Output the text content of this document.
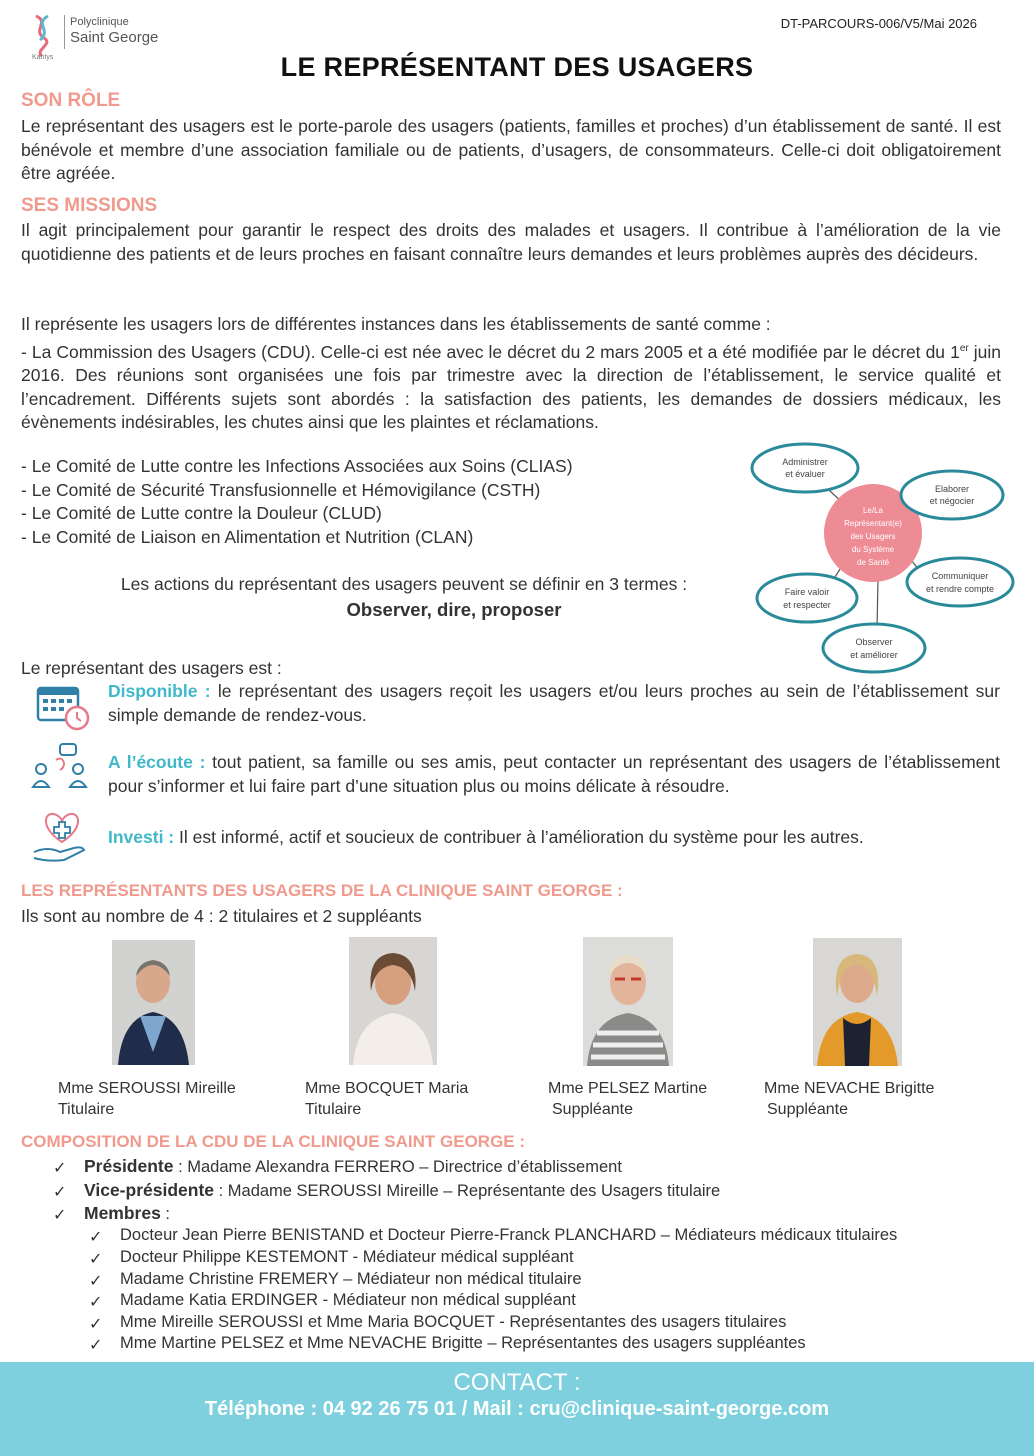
Kantys
Polyclinique
Saint George
DT-PARCOURS-006/V5/Mai 2026
LE REPRÉSENTANT DES USAGERS
SON RÔLE
Le représentant des usagers est le porte-parole des usagers (patients, familles et proches) d’un établissement de santé. Il est bénévole et membre d’une association familiale ou de patients, d’usagers, de consommateurs. Celle-ci doit obligatoirement être agréée.
SES MISSIONS
Il agit principalement pour garantir le respect des droits des malades et usagers. Il contribue à l’amélioration de la vie quotidienne des patients et de leurs proches en faisant connaître leurs demandes et leurs problèmes auprès des décideurs.
Il représente les usagers lors de différentes instances dans les établissements de santé comme :
- La Commission des Usagers (CDU). Celle-ci est née avec le décret du 2 mars 2005 et a été modifiée par le décret du 1er juin 2016. Des réunions sont organisées une fois par trimestre avec la direction de l’établissement, le service qualité et l’encadrement. Différents sujets sont abordés : la satisfaction des patients, les demandes de dossiers médicaux, les évènements indésirables, les chutes ainsi que les plaintes et réclamations.
- Le Comité de Lutte contre les Infections Associées aux Soins (CLIAS)
- Le Comité de Sécurité Transfusionnelle et Hémovigilance (CSTH)
- Le Comité de Lutte contre la Douleur (CLUD)
- Le Comité de Liaison en Alimentation et Nutrition (CLAN)
Les actions du représentant des usagers peuvent se définir en 3 termes :
Observer, dire, proposer
Le/La
Représentant(e)
des Usagers
du Système
de Santé
Administrer
et évaluer
Elaborer
et négocier
Communiquer
et rendre compte
Observer
et améliorer
Faire valoir
et respecter
Le représentant des usagers est :
Disponible : le représentant des usagers reçoit les usagers et/ou leurs proches au sein de l’établissement sur simple demande de rendez-vous.
A l’écoute : tout patient, sa famille ou ses amis, peut contacter un représentant des usagers de l’établissement pour s’informer et lui faire part d’une situation plus ou moins délicate à résoudre.
Investi : Il est informé, actif et soucieux de contribuer à l’amélioration du système pour les autres.
LES REPRÉSENTANTS DES USAGERS DE LA CLINIQUE SAINT GEORGE :
Ils sont au nombre de 4 : 2 titulaires et 2 suppléants
Mme SEROUSSI Mireille
Titulaire
Mme BOCQUET Maria
Titulaire
Mme PELSEZ Martine
Suppléante
Mme NEVACHE Brigitte
Suppléante
COMPOSITION DE LA CDU DE LA CLINIQUE SAINT GEORGE :
✓ Présidente : Madame Alexandra FERRERO – Directrice d’établissement
✓ Vice-présidente : Madame SEROUSSI Mireille – Représentante des Usagers titulaire
✓ Membres :
✓ Docteur Jean Pierre BENISTAND et Docteur Pierre-Franck PLANCHARD – Médiateurs médicaux titulaires
✓ Docteur Philippe KESTEMONT - Médiateur médical suppléant
✓ Madame Christine FREMERY – Médiateur non médical titulaire
✓ Madame Katia ERDINGER - Médiateur non médical suppléant
✓ Mme Mireille SEROUSSI et Mme Maria BOCQUET - Représentantes des usagers titulaires
✓ Mme Martine PELSEZ et Mme NEVACHE Brigitte – Représentantes des usagers suppléantes
CONTACT :
Téléphone : 04 92 26 75 01 / Mail : cru@clinique-saint-george.com
